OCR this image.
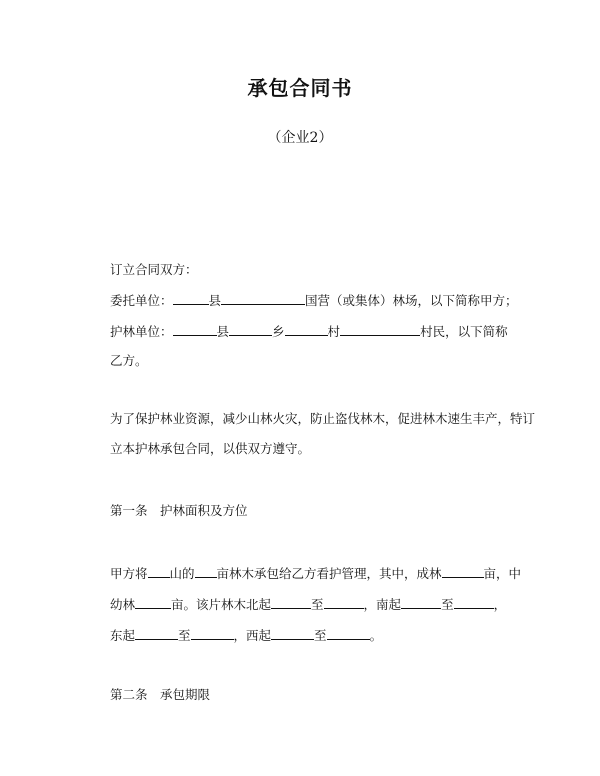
承包合同书
（企业2）
订立合同双方：
委托单位：	县	国营（或集体）林场，以下简称甲方；
护林单位：	县	乡	村	村民，以下简称
乙方。
为了保护林业资源，减少山林火灾，防止盗伐林木，促进林木速生丰产，特订
立本护林承包合同，以供双方遵守。
第一条　护林面积及方位
甲方将 山的 亩林木承包给乙方看护管理，其中，成林	亩，中
幼林	亩。该片林木北起	至	，南起	至	，
东起	至	，西起	至	。
第二条　承包期限
